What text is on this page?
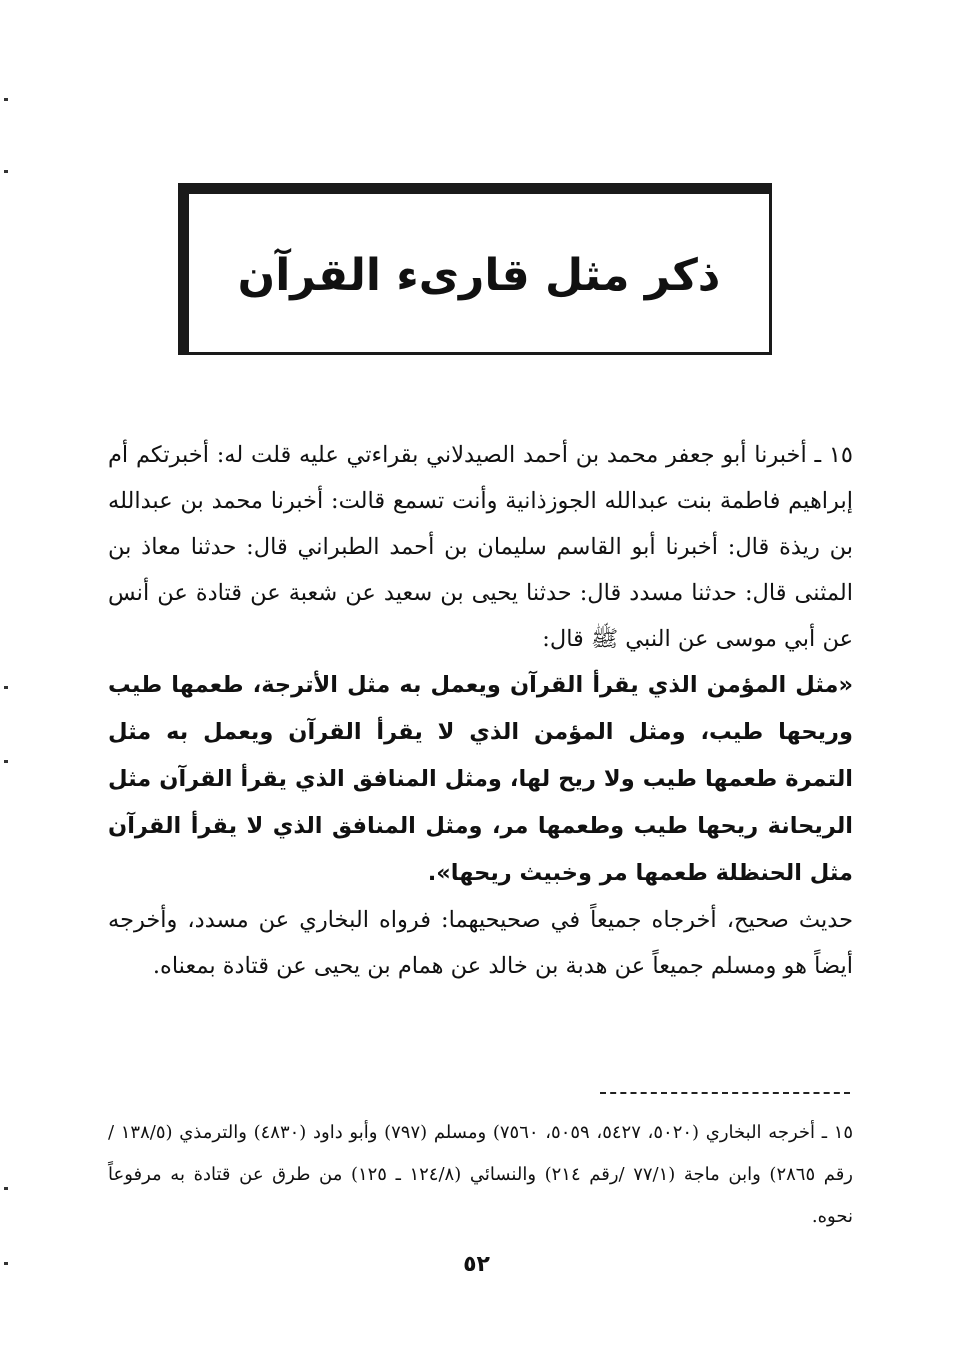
ذكر مثل قارىء القرآن

١٥ ـ أخبرنا أبو جعفر محمد بن أحمد الصيدلاني بقراءتي عليه قلت له: أخبرتكم أم إبراهيم فاطمة بنت عبدالله الجوزذانية وأنت تسمع قالت: أخبرنا محمد بن عبدالله بن ريذة قال: أخبرنا أبو القاسم سليمان بن أحمد الطبراني قال: حدثنا معاذ بن المثنى قال: حدثنا مسدد قال: حدثنا يحيى بن سعيد عن شعبة عن قتادة عن أنس عن أبي موسى عن النبي ﷺ قال:

«مثل المؤمن الذي يقرأ القرآن ويعمل به مثل الأترجة، طعمها طيب وريحها طيب، ومثل المؤمن الذي لا يقرأ القرآن ويعمل به مثل التمرة طعمها طيب ولا ريح لها، ومثل المنافق الذي يقرأ القرآن مثل الريحانة ريحها طيب وطعمها مر، ومثل المنافق الذي لا يقرأ القرآن مثل الحنظلة طعمها مر وخبيث ريحها».

حديث صحيح، أخرجاه جميعاً في صحيحيهما: فرواه البخاري عن مسدد، وأخرجه أيضاً هو ومسلم جميعاً عن هدبة بن خالد عن همام بن يحيى عن قتادة بمعناه.

١٥ ـ أخرجه البخاري (٥٠٢٠، ٥٤٢٧، ٥٠٥٩، ٧٥٦٠) ومسلم (٧٩٧) وأبو داود (٤٨٣٠) والترمذي (١٣٨/٥ /رقم ٢٨٦٥) وابن ماجة (٧٧/١ /رقم ٢١٤) والنسائي (١٢٤/٨ ـ ١٢٥) من طرق عن قتادة به مرفوعاً نحوه.

٥٢
